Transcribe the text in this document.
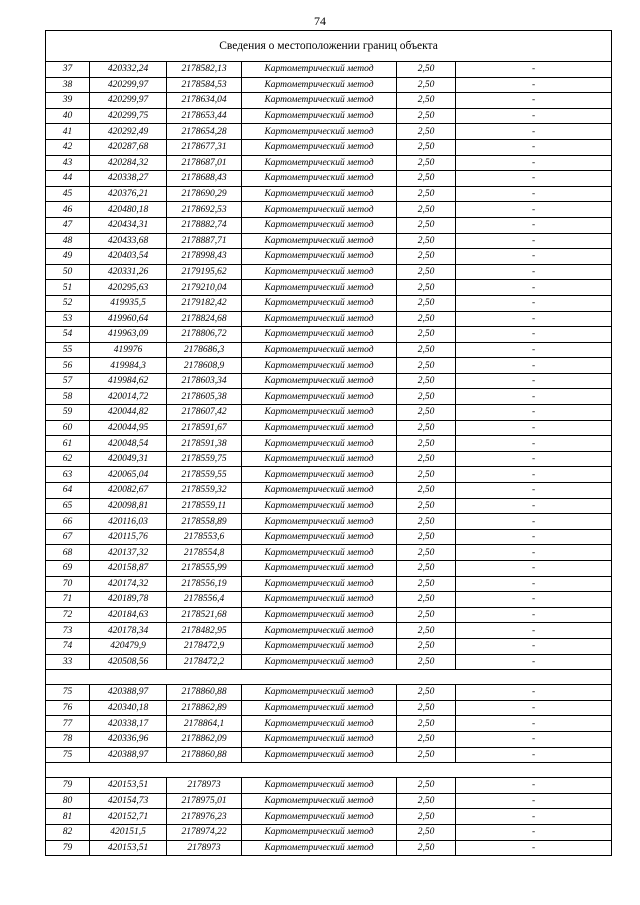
74
Сведения о местоположении границ объекта					
37	420332,24	2178582,13	Картометрический метод	2,50	-
38	420299,97	2178584,53	Картометрический метод	2,50	-
39	420299,97	2178634,04	Картометрический метод	2,50	-
40	420299,75	2178653,44	Картометрический метод	2,50	-
41	420292,49	2178654,28	Картометрический метод	2,50	-
42	420287,68	2178677,31	Картометрический метод	2,50	-
43	420284,32	2178687,01	Картометрический метод	2,50	-
44	420338,27	2178688,43	Картометрический метод	2,50	-
45	420376,21	2178690,29	Картометрический метод	2,50	-
46	420480,18	2178692,53	Картометрический метод	2,50	-
47	420434,31	2178882,74	Картометрический метод	2,50	-
48	420433,68	2178887,71	Картометрический метод	2,50	-
49	420403,54	2178998,43	Картометрический метод	2,50	-
50	420331,26	2179195,62	Картометрический метод	2,50	-
51	420295,63	2179210,04	Картометрический метод	2,50	-
52	419935,5	2179182,42	Картометрический метод	2,50	-
53	419960,64	2178824,68	Картометрический метод	2,50	-
54	419963,09	2178806,72	Картометрический метод	2,50	-
55	419976	2178686,3	Картометрический метод	2,50	-
56	419984,3	2178608,9	Картометрический метод	2,50	-
57	419984,62	2178603,34	Картометрический метод	2,50	-
58	420014,72	2178605,38	Картометрический метод	2,50	-
59	420044,82	2178607,42	Картометрический метод	2,50	-
60	420044,95	2178591,67	Картометрический метод	2,50	-
61	420048,54	2178591,38	Картометрический метод	2,50	-
62	420049,31	2178559,75	Картометрический метод	2,50	-
63	420065,04	2178559,55	Картометрический метод	2,50	-
64	420082,67	2178559,32	Картометрический метод	2,50	-
65	420098,81	2178559,11	Картометрический метод	2,50	-
66	420116,03	2178558,89	Картометрический метод	2,50	-
67	420115,76	2178553,6	Картометрический метод	2,50	-
68	420137,32	2178554,8	Картометрический метод	2,50	-
69	420158,87	2178555,99	Картометрический метод	2,50	-
70	420174,32	2178556,19	Картометрический метод	2,50	-
71	420189,78	2178556,4	Картометрический метод	2,50	-
72	420184,63	2178521,68	Картометрический метод	2,50	-
73	420178,34	2178482,95	Картометрический метод	2,50	-
74	420479,9	2178472,9	Картометрический метод	2,50	-
33	420508,56	2178472,2	Картометрический метод	2,50	-

75	420388,97	2178860,88	Картометрический метод	2,50	-
76	420340,18	2178862,89	Картометрический метод	2,50	-
77	420338,17	2178864,1	Картометрический метод	2,50	-
78	420336,96	2178862,09	Картометрический метод	2,50	-
75	420388,97	2178860,88	Картометрический метод	2,50	-

79	420153,51	2178973	Картометрический метод	2,50	-
80	420154,73	2178975,01	Картометрический метод	2,50	-
81	420152,71	2178976,23	Картометрический метод	2,50	-
82	420151,5	2178974,22	Картометрический метод	2,50	-
79	420153,51	2178973	Картометрический метод	2,50	-
